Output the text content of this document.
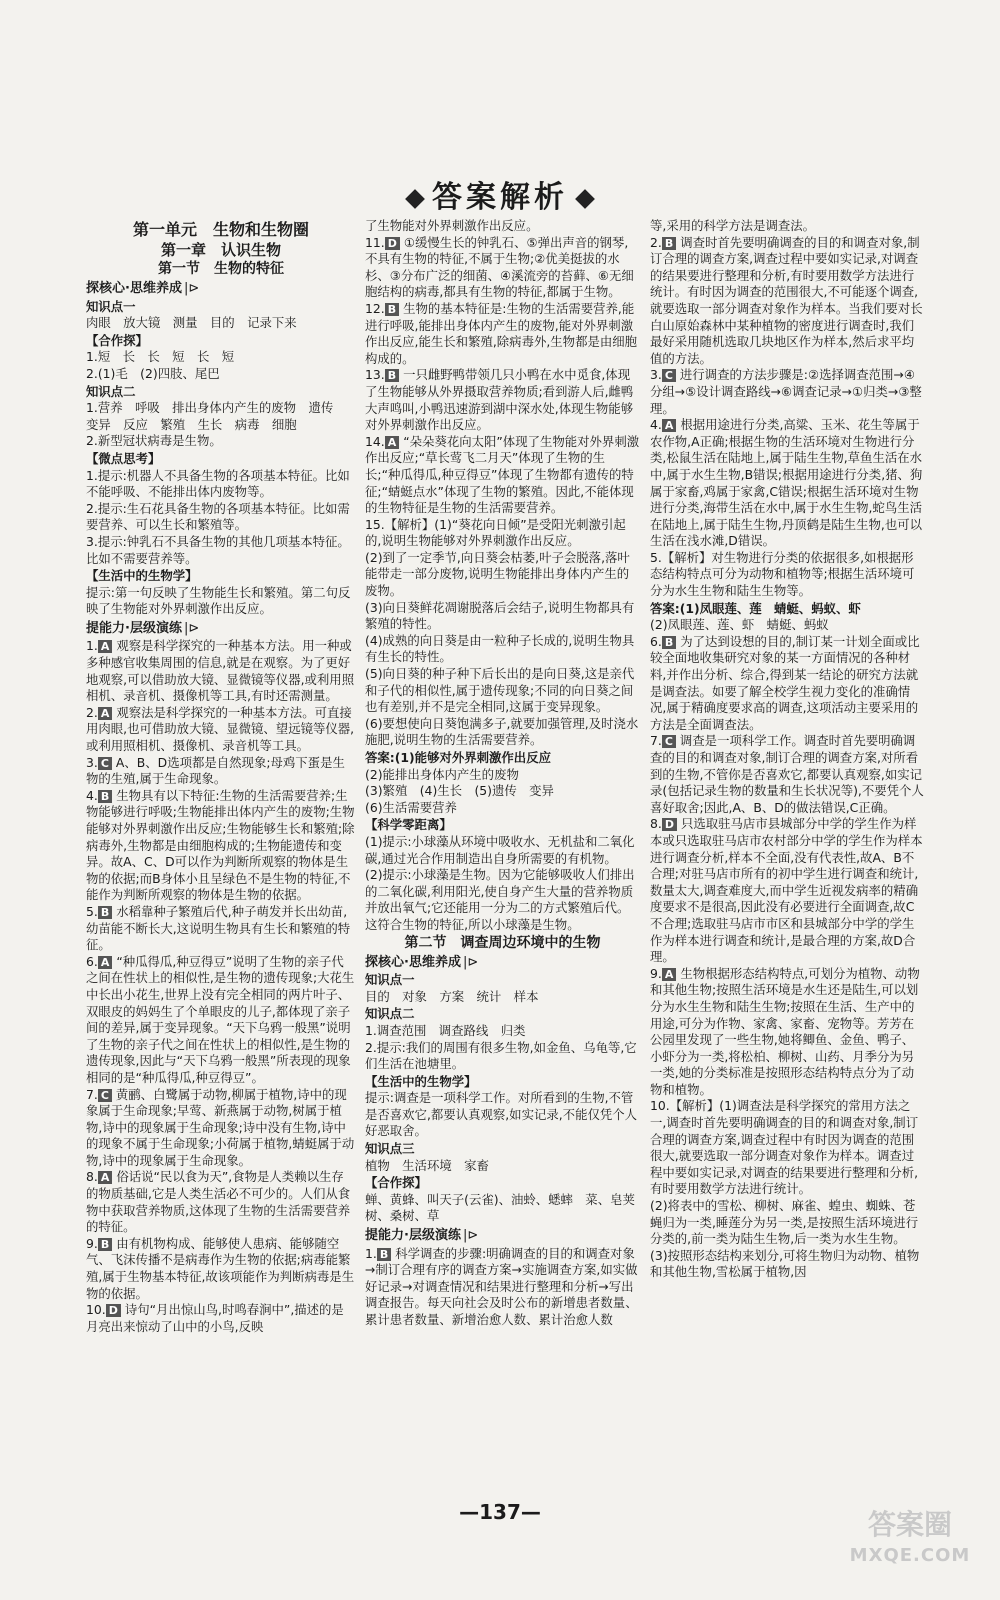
答案解析
第一单元　生物和生物圈
第一章　认识生物
第一节　生物的特征
探核心·思维养成 |⊳
知识点一

肉眼　放大镜　测量　目的　记录下来

【合作探】

1.短　长　长　短　长　短

2.(1)毛　(2)四肢、尾巴

知识点二

1.营养　呼吸　排出身体内产生的废物　遗传　变异　反应　繁殖　生长　病毒　细胞

2.新型冠状病毒是生物。

【微点思考】

1.提示:机器人不具备生物的各项基本特征。比如不能呼吸、不能排出体内废物等。

2.提示:生石花具备生物的各项基本特征。比如需要营养、可以生长和繁殖等。

3.提示:钟乳石不具备生物的其他几项基本特征。比如不需要营养等。

【生活中的生物学】

提示:第一句反映了生物能生长和繁殖。第二句反映了生物能对外界刺激作出反应。

提能力·层级演练 |⊳

1. A 观察是科学探究的一种基本方法。用一种或多种感官收集周围的信息,就是在观察。为了更好地观察,可以借助放大镜、显微镜等仪器,或利用照相机、录音机、摄像机等工具,有时还需测量。

2. A 观察法是科学探究的一种基本方法。可直接用肉眼,也可借助放大镜、显微镜、望远镜等仪器,或利用照相机、摄像机、录音机等工具。

3. C A、B、D选项都是自然现象;母鸡下蛋是生物的生殖,属于生命现象。

4. B 生物具有以下特征:生物的生活需要营养;生物能够进行呼吸;生物能排出体内产生的废物;生物能够对外界刺激作出反应;生物能够生长和繁殖;除病毒外,生物都是由细胞构成的;生物能遗传和变异。故A、C、D可以作为判断所观察的物体是生物的依据;而B身体小且呈绿色不是生物的特征,不能作为判断所观察的物体是生物的依据。

5. B 水稻靠种子繁殖后代,种子萌发并长出幼苗,幼苗能不断长大,这说明生物具有生长和繁殖的特征。

6. A “种瓜得瓜,种豆得豆”说明了生物的亲子代之间在性状上的相似性,是生物的遗传现象;大花生中长出小花生,世界上没有完全相同的两片叶子、双眼皮的妈妈生了个单眼皮的儿子,都体现了亲子间的差异,属于变异现象。“天下乌鸦一般黑”说明了生物的亲子代之间在性状上的相似性,是生物的遗传现象,因此与“天下乌鸦一般黑”所表现的现象相同的是“种瓜得瓜,种豆得豆”。

7. C 黄鹂、白鹭属于动物,柳属于植物,诗中的现象属于生命现象;早莺、新燕属于动物,树属于植物,诗中的现象属于生命现象;诗中没有生物,诗中的现象不属于生命现象;小荷属于植物,蜻蜓属于动物,诗中的现象属于生命现象。

8. A 俗话说“民以食为天”,食物是人类赖以生存的物质基础,它是人类生活必不可少的。人们从食物中获取营养物质,这体现了生物的生活需要营养的特征。

9. B 由有机物构成、能够使人患病、能够随空气、飞沫传播不是病毒作为生物的依据;病毒能繁殖,属于生物基本特征,故该项能作为判断病毒是生物的依据。

10. D 诗句“月出惊山鸟,时鸣春涧中”,描述的是月亮出来惊动了山中的小鸟,反映

了生物能对外界刺激作出反应。

11. D ①缓慢生长的钟乳石、⑤弹出声音的钢琴,不具有生物的特征,不属于生物;②优美挺拔的水杉、③分布广泛的细菌、④溪流旁的苔藓、⑥无细胞结构的病毒,都具有生物的特征,都属于生物。

12. B 生物的基本特征是:生物的生活需要营养,能进行呼吸,能排出身体内产生的废物,能对外界刺激作出反应,能生长和繁殖,除病毒外,生物都是由细胞构成的。

13. B 一只雌野鸭带领几只小鸭在水中觅食,体现了生物能够从外界摄取营养物质;看到游人后,雌鸭大声鸣叫,小鸭迅速游到湖中深水处,体现生物能够对外界刺激作出反应。

14. A “朵朵葵花向太阳”体现了生物能对外界刺激作出反应;“草长莺飞二月天”体现了生物的生长;“种瓜得瓜,种豆得豆”体现了生物都有遗传的特征;“蜻蜓点水”体现了生物的繁殖。因此,不能体现的生物特征是生物的生活需要营养。

15.【解析】(1)“葵花向日倾”是受阳光刺激引起的,说明生物能够对外界刺激作出反应。

(2)到了一定季节,向日葵会枯萎,叶子会脱落,落叶能带走一部分废物,说明生物能排出身体内产生的废物。

(3)向日葵鲜花凋谢脱落后会结子,说明生物都具有繁殖的特性。

(4)成熟的向日葵是由一粒种子长成的,说明生物具有生长的特性。

(5)向日葵的种子种下后长出的是向日葵,这是亲代和子代的相似性,属于遗传现象;不同的向日葵之间也有差别,并不是完全相同,这属于变异现象。

(6)要想使向日葵饱满多子,就要加强管理,及时浇水施肥,说明生物的生活需要营养。

答案:(1)能够对外界刺激作出反应

(2)能排出身体内产生的废物

(3)繁殖　(4)生长　(5)遗传　变异

(6)生活需要营养

【科学零距离】

(1)提示:小球藻从环境中吸收水、无机盐和二氧化碳,通过光合作用制造出自身所需要的有机物。

(2)提示:小球藻是生物。因为它能够吸收人们排出的二氧化碳,利用阳光,使自身产生大量的营养物质并放出氧气;它还能用一分为二的方式繁殖后代。这符合生物的特征,所以小球藻是生物。

第二节　调查周边环境中的生物
探核心·思维养成 |⊳
知识点一

目的　对象　方案　统计　样本

知识点二

1.调查范围　调查路线　归类

2.提示:我们的周围有很多生物,如金鱼、乌龟等,它们生活在池塘里。

【生活中的生物学】

提示:调查是一项科学工作。对所看到的生物,不管是否喜欢它,都要认真观察,如实记录,不能仅凭个人好恶取舍。

知识点三

植物　生活环境　家畜

【合作探】

蝉、黄蜂、叫天子(云雀)、油蛉、蟋蟀　菜、皂荚树、桑树、草

提能力·层级演练 |⊳

1. B 科学调查的步骤:明确调查的目的和调查对象→制订合理有序的调查方案→实施调查方案,如实做好记录→对调查情况和结果进行整理和分析→写出调查报告。每天向社会及时公布的新增患者数量、累计患者数量、新增治愈人数、累计治愈人数

等,采用的科学方法是调查法。

2. B 调查时首先要明确调查的目的和调查对象,制订合理的调查方案,调查过程中要如实记录,对调查的结果要进行整理和分析,有时要用数学方法进行统计。有时因为调查的范围很大,不可能逐个调查,就要选取一部分调查对象作为样本。当我们要对长白山原始森林中某种植物的密度进行调查时,我们最好采用随机选取几块地区作为样本,然后求平均值的方法。

3. C 进行调查的方法步骤是:②选择调查范围→④分组→⑤设计调查路线→⑥调查记录→①归类→③整理。

4. A 根据用途进行分类,高粱、玉米、花生等属于农作物,A正确;根据生物的生活环境对生物进行分类,松鼠生活在陆地上,属于陆生生物,草鱼生活在水中,属于水生生物,B错误;根据用途进行分类,猪、狗属于家畜,鸡属于家禽,C错误;根据生活环境对生物进行分类,海带生活在水中,属于水生生物,蛇鸟生活在陆地上,属于陆生生物,丹顶鹤是陆生生物,也可以生活在浅水滩,D错误。

5.【解析】对生物进行分类的依据很多,如根据形态结构特点可分为动物和植物等;根据生活环境可分为水生生物和陆生生物等。

答案:(1)凤眼莲、莲　蜻蜓、蚂蚁、虾

(2)凤眼莲、莲、虾　蜻蜓、蚂蚁

6. B 为了达到设想的目的,制订某一计划全面或比较全面地收集研究对象的某一方面情况的各种材料,并作出分析、综合,得到某一结论的研究方法就是调查法。如要了解全校学生视力变化的准确情况,属于精确度要求高的调查,这项活动主要采用的方法是全面调查法。

7. C 调查是一项科学工作。调查时首先要明确调查的目的和调查对象,制订合理的调查方案,对所看到的生物,不管你是否喜欢它,都要认真观察,如实记录(包括记录生物的数量和生长状况等),不要凭个人喜好取舍;因此,A、B、D的做法错误,C正确。

8. D 只选取驻马店市县城部分中学的学生作为样本或只选取驻马店市农村部分中学的学生作为样本进行调查分析,样本不全面,没有代表性,故A、B不合理;对驻马店市所有的初中学生进行调查和统计,数量太大,调查难度大,而中学生近视发病率的精确度要求不是很高,因此没有必要进行全面调查,故C不合理;选取驻马店市市区和县城部分中学的学生作为样本进行调查和统计,是最合理的方案,故D合理。

9. A 生物根据形态结构特点,可划分为植物、动物和其他生物;按照生活环境是水生还是陆生,可以划分为水生生物和陆生生物;按照在生活、生产中的用途,可分为作物、家禽、家畜、宠物等。芳芳在公园里发现了一些生物,她将鲫鱼、金鱼、鸭子、小虾分为一类,将松柏、柳树、山药、月季分为另一类,她的分类标准是按照形态结构特点分为了动物和植物。

10.【解析】(1)调查法是科学探究的常用方法之一,调查时首先要明确调查的目的和调查对象,制订合理的调查方案,调查过程中有时因为调查的范围很大,就要选取一部分调查对象作为样本。调查过程中要如实记录,对调查的结果要进行整理和分析,有时要用数学方法进行统计。

(2)将表中的雪松、柳树、麻雀、蝗虫、蜘蛛、苍蝇归为一类,睡莲分为另一类,是按照生活环境进行分类的,前一类为陆生生物,后一类为水生生物。

(3)按照形态结构来划分,可将生物归为动物、植物和其他生物,雪松属于植物,因

—137—	答案圈
MXQE.COM
